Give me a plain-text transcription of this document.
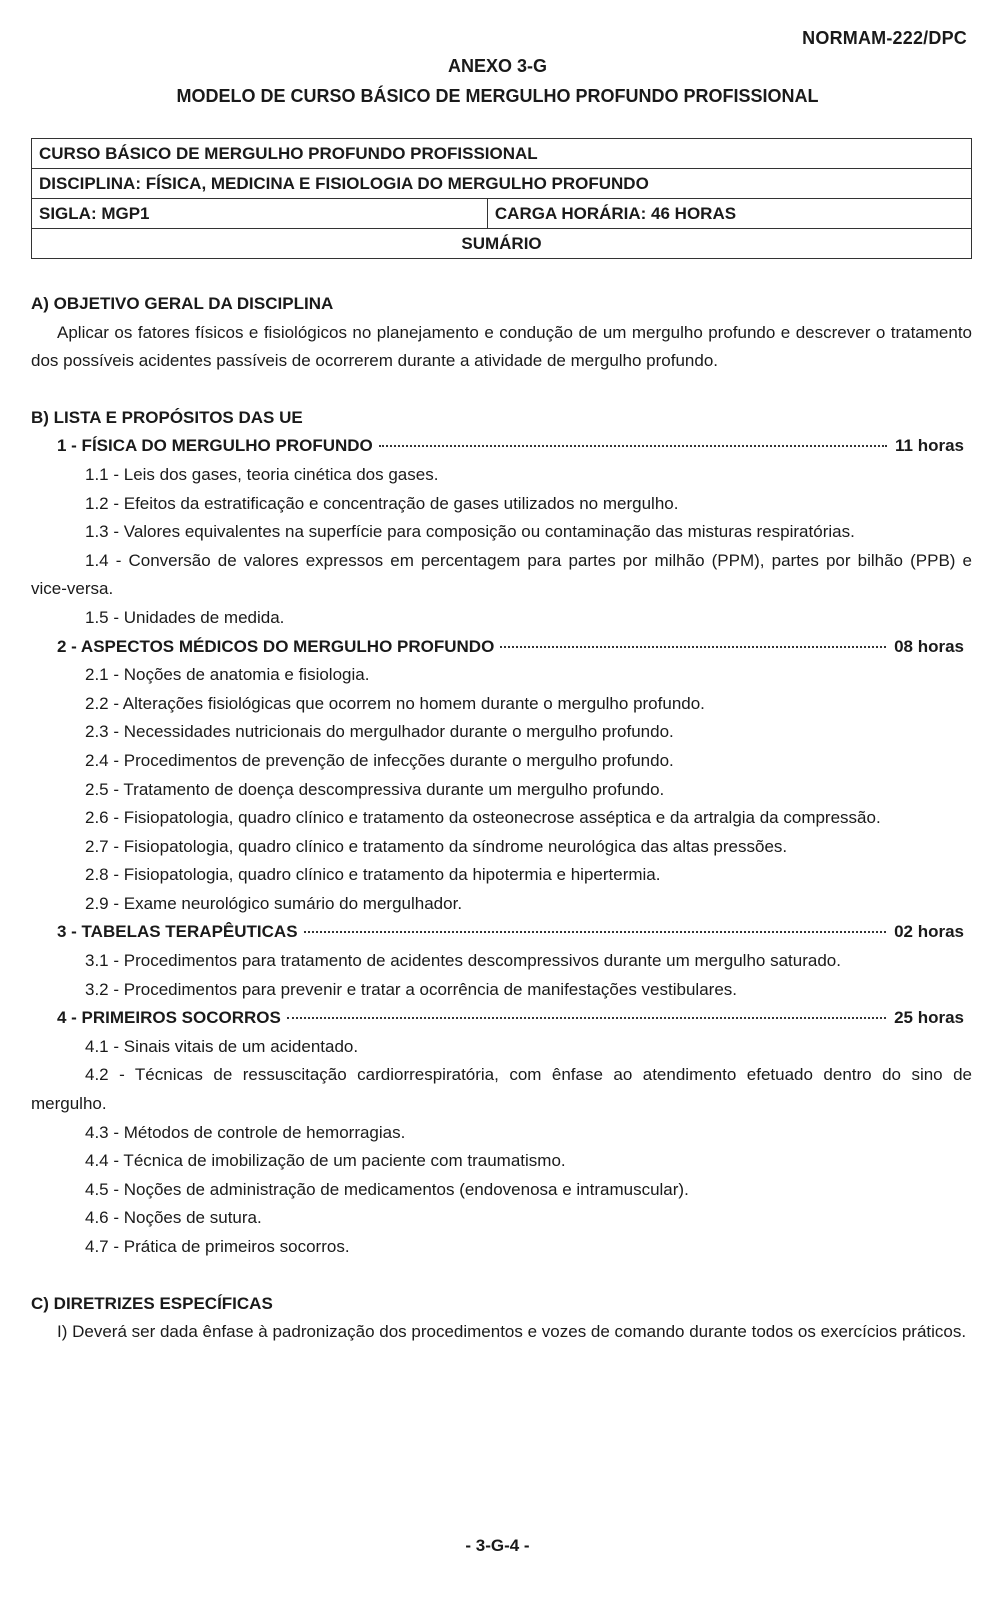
NORMAM-222/DPC
ANEXO 3-G
MODELO DE CURSO BÁSICO DE MERGULHO PROFUNDO PROFISSIONAL
CURSO BÁSICO DE MERGULHO PROFUNDO PROFISSIONAL
DISCIPLINA: FÍSICA, MEDICINA E FISIOLOGIA DO MERGULHO PROFUNDO
SIGLA: MGP1	CARGA HORÁRIA: 46 HORAS
SUMÁRIO
A) OBJETIVO GERAL DA DISCIPLINA
Aplicar os fatores físicos e fisiológicos no planejamento e condução de um mergulho profundo e descrever o tratamento dos possíveis acidentes passíveis de ocorrerem durante a atividade de mergulho profundo.
B) LISTA E PROPÓSITOS DAS UE
1 - FÍSICA DO MERGULHO PROFUNDO	11 horas
1.1 - Leis dos gases, teoria cinética dos gases.
1.2 - Efeitos da estratificação e concentração de gases utilizados no mergulho.
1.3 - Valores equivalentes na superfície para composição ou contaminação das misturas respiratórias.
1.4 - Conversão de valores expressos em percentagem para partes por milhão (PPM), partes por bilhão (PPB) e vice-versa.
1.5 - Unidades de medida.
2 - ASPECTOS MÉDICOS DO MERGULHO PROFUNDO	08 horas
2.1 - Noções de anatomia e fisiologia.
2.2 - Alterações fisiológicas que ocorrem no homem durante o mergulho profundo.
2.3 - Necessidades nutricionais do mergulhador durante o mergulho profundo.
2.4 - Procedimentos de prevenção de infecções durante o mergulho profundo.
2.5 - Tratamento de doença descompressiva durante um mergulho profundo.
2.6 - Fisiopatologia, quadro clínico e tratamento da osteonecrose asséptica e da artralgia da compressão.
2.7 - Fisiopatologia, quadro clínico e tratamento da síndrome neurológica das altas pressões.
2.8 - Fisiopatologia, quadro clínico e tratamento da hipotermia e hipertermia.
2.9 - Exame neurológico sumário do mergulhador.
3 - TABELAS TERAPÊUTICAS	02 horas
3.1 - Procedimentos para tratamento de acidentes descompressivos durante um mergulho saturado.
3.2 - Procedimentos para prevenir e tratar a ocorrência de manifestações vestibulares.
4 - PRIMEIROS SOCORROS	25 horas
4.1 - Sinais vitais de um acidentado.
4.2 - Técnicas de ressuscitação cardiorrespiratória, com ênfase ao atendimento efetuado dentro do sino de mergulho.
4.3 - Métodos de controle de hemorragias.
4.4 - Técnica de imobilização de um paciente com traumatismo.
4.5 - Noções de administração de medicamentos (endovenosa e intramuscular).
4.6 - Noções de sutura.
4.7 - Prática de primeiros socorros.
C) DIRETRIZES ESPECÍFICAS
I) Deverá ser dada ênfase à padronização dos procedimentos e vozes de comando durante todos os exercícios práticos.
- 3-G-4 -
